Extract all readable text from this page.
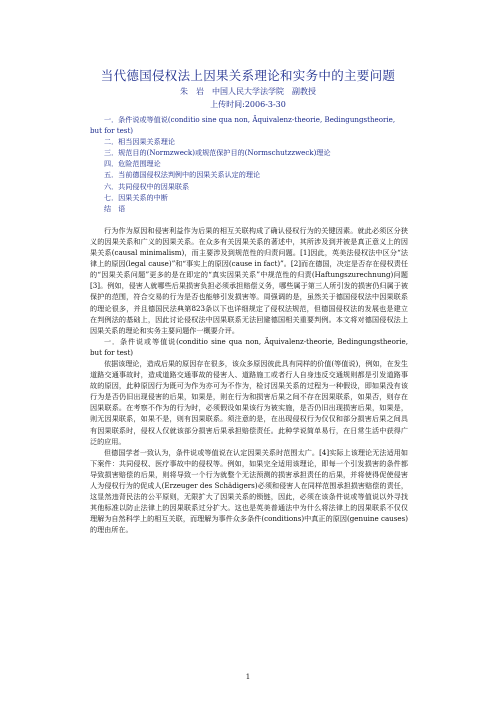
当代德国侵权法上因果关系理论和实务中的主要问题
朱　岩　中国人民大学法学院　副教授
上传时间:2006-3-30

一．条件说或等值说(conditio sine qua non, Äquivalenz-theorie, Bedingungstheorie, but for test)

二．相当因果关系理论

三．规范目的(Normzweck)或规范保护目的(Normschutzzweck)理论

四．危险范围理论

五．当前德国侵权法判例中的因果关系认定的理论

六．共同侵权中的因果联系

七．因果关系的中断

结　语

行为作为原因和侵害利益作为后果的相互关联构成了确认侵权行为的关键因素。就此必须区分狭义的因果关系和广义的因果关系。在众多有关因果关系的著述中，其所涉及到并被是真正意义上的因果关系(causal minimalism)，而主要涉及到规范性的归责问题。[1]因此，英美法侵权法中区分“法律上的原因(legal cause)”和“事实上的原因(cause in fact)”。[2]而在德国，决定是否存在侵权责任的“因果关系问题”更多的是在即定的“真实因果关系”中规范性的归责(Haftungszurechnung)问题[3]。例如，侵害人就哪些后果损害负担必须承担赔偿义务，哪些属于第三人所引发的损害仍归属于被保护的范围，符合交易的行为是否也能够引发损害等。周强调的是，虽然关于德国侵权法中因果联系的理论很多，并且德国民法典第823条以下也详细规定了侵权法规范，但德国侵权法的发展也是建立在判例法的基础上，因此讨论侵权法中因果联系无法回避德国相关重要判例。本文将对德国侵权法上因果关系的理论和实务主要问题作一概要介评。

一．条件说或等值说(conditio sine qua non, Äquivalenz-theorie, Bedingungstheorie, but for test)

依据该理论，造成后果的原因存在很多，该众多原因彼此具有同样的价值(等值说)，例如，在发生道路交通事故时，造成道路交通事故的侵害人、道路施工或者行人自身违反交通规则都是引发道路事故的原因，此种原因行为既可为作为亦可为不作为，检讨因果关系的过程为一种假设，即如果没有该行为是否仍旧出现侵害的后果，如果是，则在行为和损害后果之间不存在因果联系，如果否，则存在因果联系。在考察不作为的行为时，必须假设如果该行为被实施，是否仍旧出现损害后果，如果是，则无因果联系，如果不是，则有因果联系。须注意的是，在出现侵权行为仅仅和部分损害后果之间具有因果联系时，侵权人仅就该部分损害后果承担赔偿责任。此种学说简单易行，在日常生活中获得广泛的应用。

但德国学者一致认为，条件说或等值说在认定因果关系时范围太广。[4]实际上该理论无法适用如下案件：共同侵权、医疗事故中的侵权等。例如，如果完全适用该理论，即每一个引发损害的条件都导致损害赔偿的后果，则将导致一个行为就整个无法预测的损害承担责任的后果，并将使得促使侵害人为侵权行为的促成人(Erzeuger des Schädigers)必须和侵害人在同样范围承担损害赔偿的责任，这显然违背民法的公平原则，无限扩大了因果关系的锁链，因此，必须在该条件说或等值说以外寻找其他标准以防止法律上的因果联系过分扩大。这也是英美普通法中为什么将法律上的因果联系不仅仅理解为自然科学上的相互关联，而理解为事件众多条件(conditions)中真正的原因(genuine causes)的理由所在。

1
